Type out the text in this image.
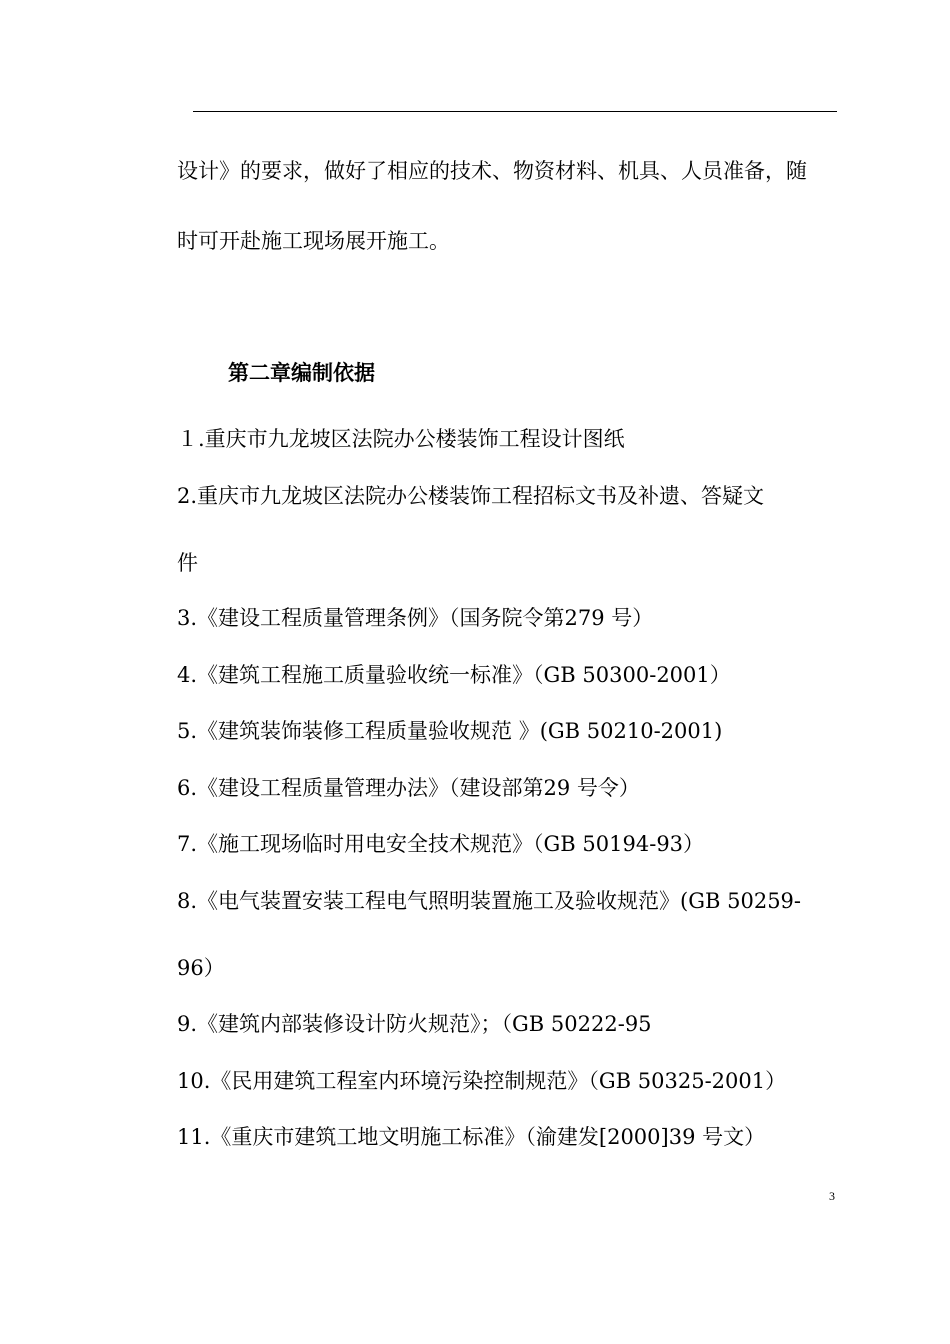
设计》的要求，做好了相应的技术、物资材料、机具、人员准备，随
时可开赴施工现场展开施工。
第二章编制依据
１.重庆市九龙坡区法院办公楼装饰工程设计图纸
2.重庆市九龙坡区法院办公楼装饰工程招标文书及补遗、答疑文
件
3.《建设工程质量管理条例》（国务院令第279 号）
4.《建筑工程施工质量验收统一标准》（GB 50300-2001）
5.《建筑装饰装修工程质量验收规范 》(GB 50210-2001)
6.《建设工程质量管理办法》（建设部第29 号令）
7.《施工现场临时用电安全技术规范》（GB 50194-93）
8.《电气装置安装工程电气照明装置施工及验收规范》(GB 50259-
96）
9.《建筑内部装修设计防火规范》；（GB 50222-95
10.《民用建筑工程室内环境污染控制规范》（GB 50325-2001）
11.《重庆市建筑工地文明施工标准》（渝建发[2000]39 号文）
3
